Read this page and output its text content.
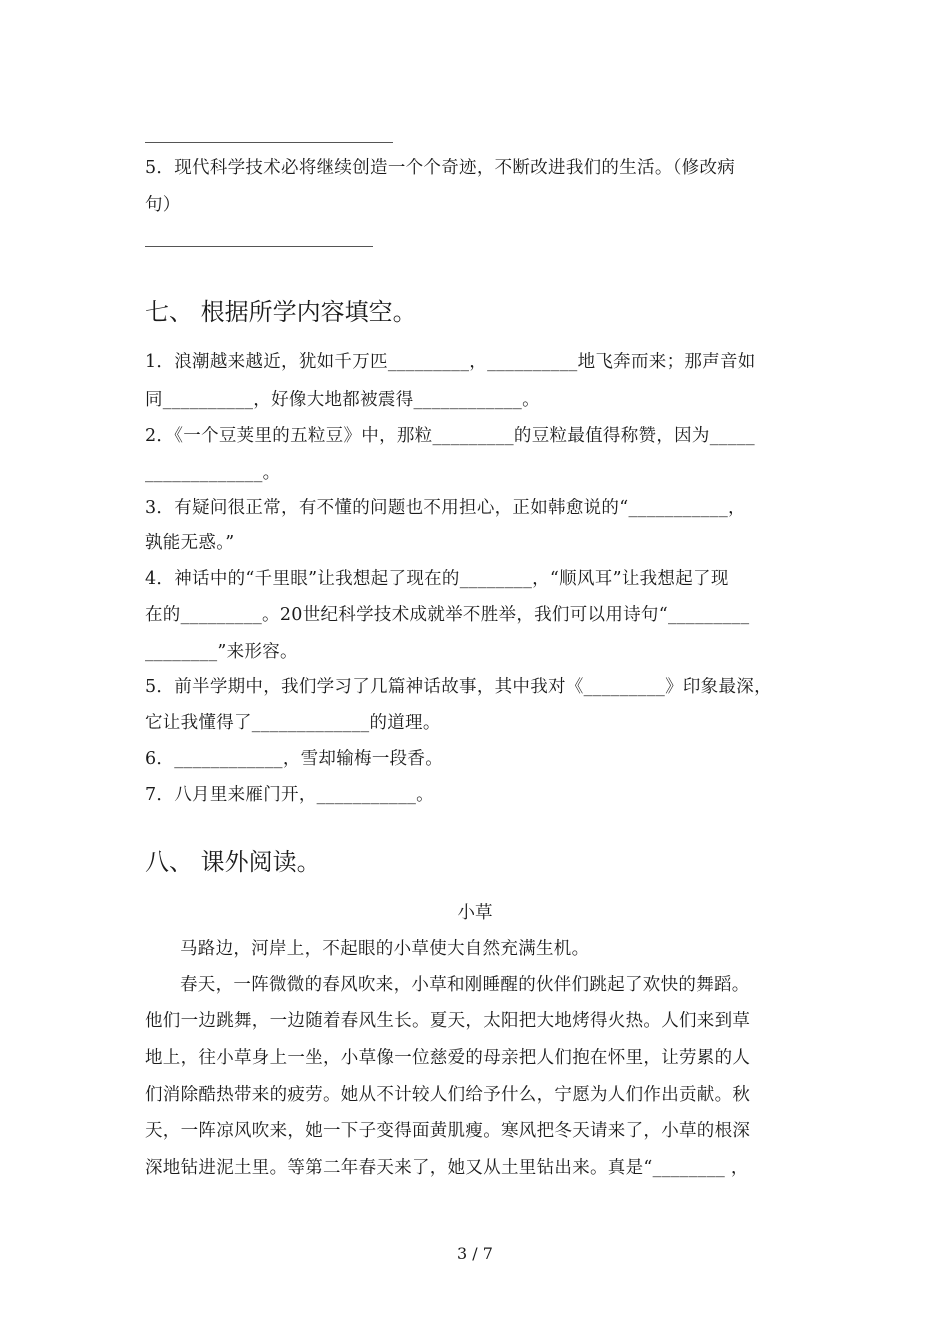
5．现代科学技术必将继续创造一个个奇迹，不断改进我们的生活。（修改病
句）
七、 根据所学内容填空。
1．浪潮越来越近，犹如千万匹_________，__________地飞奔而来；那声音如
同__________，好像大地都被震得____________。
2．《一个豆荚里的五粒豆》中，那粒_________的豆粒最值得称赞，因为_____
_____________。
3．有疑问很正常，有不懂的问题也不用担心，正如韩愈说的“___________，
孰能无惑。”
4．神话中的“千里眼”让我想起了现在的________，“顺风耳”让我想起了现
在的_________。20世纪科学技术成就举不胜举，我们可以用诗句“_________
________”来形容。
5．前半学期中，我们学习了几篇神话故事，其中我对《_________》印象最深，
它让我懂得了_____________的道理。
6．____________，雪却输梅一段香。
7．八月里来雁门开，___________。
八、 课外阅读。
小草
马路边，河岸上，不起眼的小草使大自然充满生机。
春天，一阵微微的春风吹来，小草和刚睡醒的伙伴们跳起了欢快的舞蹈。
他们一边跳舞，一边随着春风生长。夏天，太阳把大地烤得火热。人们来到草
地上，往小草身上一坐，小草像一位慈爱的母亲把人们抱在怀里，让劳累的人
们消除酷热带来的疲劳。她从不计较人们给予什么，宁愿为人们作出贡献。秋
天，一阵凉风吹来，她一下子变得面黄肌瘦。寒风把冬天请来了，小草的根深
深地钻进泥土里。等第二年春天来了，她又从土里钻出来。真是“________ ，
3 / 7
